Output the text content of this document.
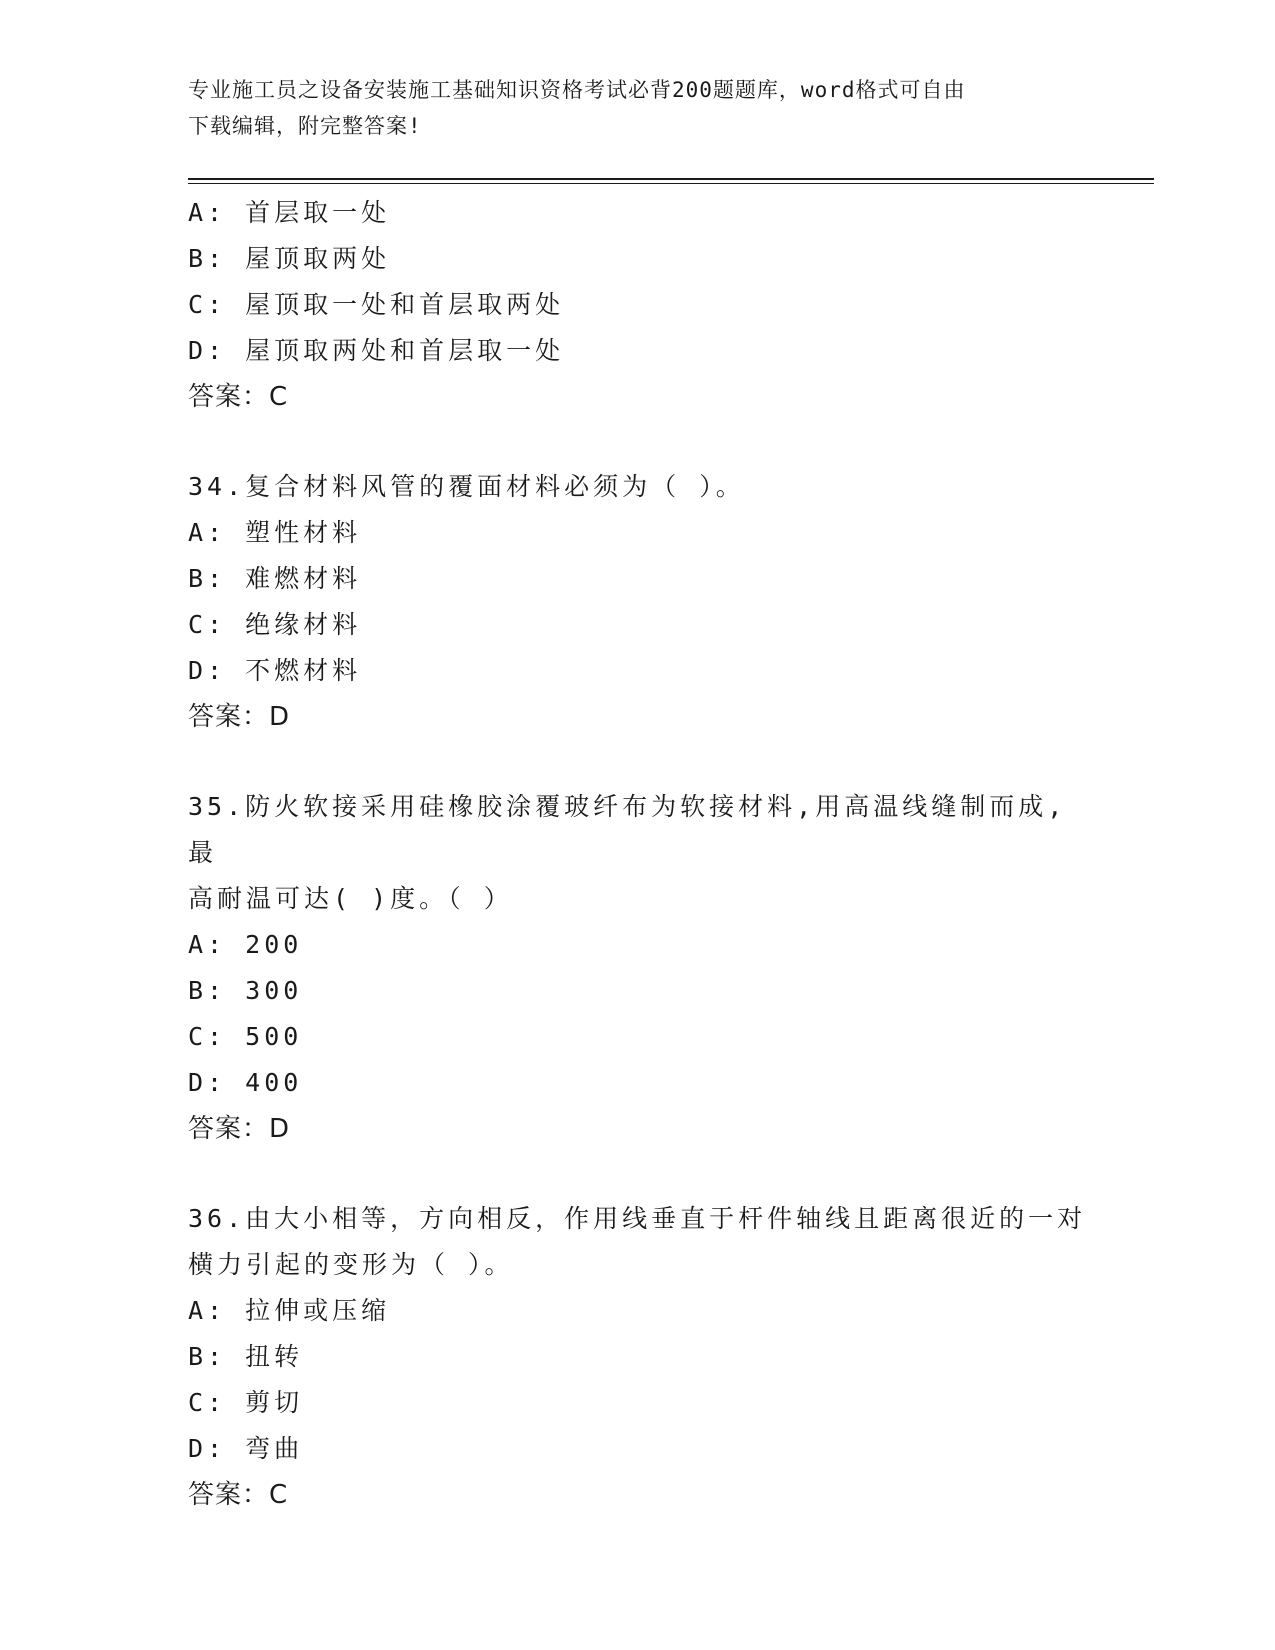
专业施工员之设备安装施工基础知识资格考试必背200题题库，word格式可自由
下载编辑，附完整答案!
A: 首层取一处
B: 屋顶取两处
C: 屋顶取一处和首层取两处
D: 屋顶取两处和首层取一处
答案：C
34.复合材料风管的覆面材料必须为（ ）。
A: 塑性材料
B: 难燃材料
C: 绝缘材料
D: 不燃材料
答案：D
35.防火软接采用硅橡胶涂覆玻纤布为软接材料,用高温线缝制而成,最
高耐温可达( )度。（ ）
A: 200
B: 300
C: 500
D: 400
答案：D
36.由大小相等，方向相反，作用线垂直于杆件轴线且距离很近的一对
横力引起的变形为（ ）。
A: 拉伸或压缩
B: 扭转
C: 剪切
D: 弯曲
答案：C
